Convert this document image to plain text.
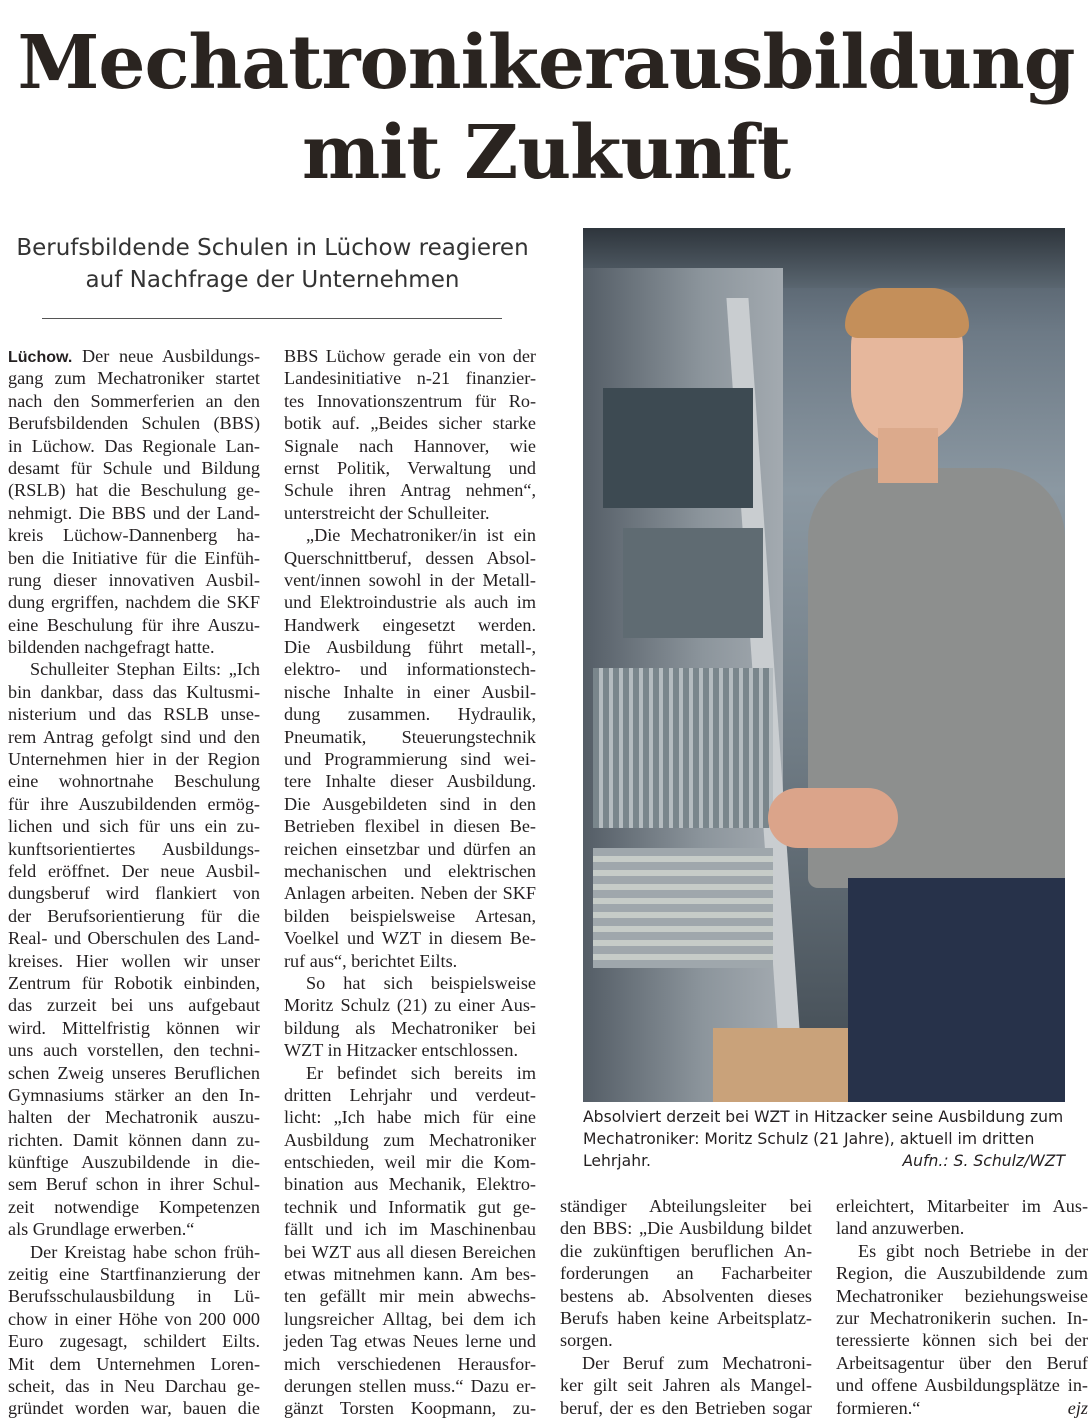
Mechatronikerausbildung
mit Zukunft
Berufsbildende Schulen in Lüchow reagieren
auf Nachfrage der Unternehmen
Lüchow. Der neue Ausbildungs-
gang zum Mechatroniker startet
nach den Sommerferien an den
Berufsbildenden Schulen (BBS)
in Lüchow. Das Regionale Lan-
desamt für Schule und Bildung
(RSLB) hat die Beschulung ge-
nehmigt. Die BBS und der Land-
kreis Lüchow-Dannenberg ha-
ben die Initiative für die Einfüh-
rung dieser innovativen Ausbil-
dung ergriffen, nachdem die SKF
eine Beschulung für ihre Auszu-
bildenden nachgefragt hatte.
Schulleiter Stephan Eilts: „Ich
bin dankbar, dass das Kultusmi-
nisterium und das RSLB unse-
rem Antrag gefolgt sind und den
Unternehmen hier in der Region
eine wohnortnahe Beschulung
für ihre Auszubildenden ermög-
lichen und sich für uns ein zu-
kunftsorientiertes Ausbildungs-
feld eröffnet. Der neue Ausbil-
dungsberuf wird flankiert von
der Berufsorientierung für die
Real- und Oberschulen des Land-
kreises. Hier wollen wir unser
Zentrum für Robotik einbinden,
das zurzeit bei uns aufgebaut
wird. Mittelfristig können wir
uns auch vorstellen, den techni-
schen Zweig unseres Beruflichen
Gymnasiums stärker an den In-
halten der Mechatronik auszu-
richten. Damit können dann zu-
künftige Auszubildende in die-
sem Beruf schon in ihrer Schul-
zeit notwendige Kompetenzen
als Grundlage erwerben.“
Der Kreistag habe schon früh-
zeitig eine Startfinanzierung der
Berufsschulausbildung in Lü-
chow in einer Höhe von 200 000
Euro zugesagt, schildert Eilts.
Mit dem Unternehmen Loren-
scheit, das in Neu Darchau ge-
gründet worden war, bauen die
BBS Lüchow gerade ein von der
Landesinitiative n-21 finanzier-
tes Innovationszentrum für Ro-
botik auf. „Beides sicher starke
Signale nach Hannover, wie
ernst Politik, Verwaltung und
Schule ihren Antrag nehmen“,
unterstreicht der Schulleiter.
„Die Mechatroniker/in ist ein
Querschnittberuf, dessen Absol-
vent/innen sowohl in der Metall-
und Elektroindustrie als auch im
Handwerk eingesetzt werden.
Die Ausbildung führt metall-,
elektro- und informationstech-
nische Inhalte in einer Ausbil-
dung zusammen. Hydraulik,
Pneumatik, Steuerungstechnik
und Programmierung sind wei-
tere Inhalte dieser Ausbildung.
Die Ausgebildeten sind in den
Betrieben flexibel in diesen Be-
reichen einsetzbar und dürfen an
mechanischen und elektrischen
Anlagen arbeiten. Neben der SKF
bilden beispielsweise Artesan,
Voelkel und WZT in diesem Be-
ruf aus“, berichtet Eilts.
So hat sich beispielsweise
Moritz Schulz (21) zu einer Aus-
bildung als Mechatroniker bei
WZT in Hitzacker entschlossen.
Er befindet sich bereits im
dritten Lehrjahr und verdeut-
licht: „Ich habe mich für eine
Ausbildung zum Mechatroniker
entschieden, weil mir die Kom-
bination aus Mechanik, Elektro-
technik und Informatik gut ge-
fällt und ich im Maschinenbau
bei WZT aus all diesen Bereichen
etwas mitnehmen kann. Am bes-
ten gefällt mir mein abwechs-
lungsreicher Alltag, bei dem ich
jeden Tag etwas Neues lerne und
mich verschiedenen Herausfor-
derungen stellen muss.“ Dazu er-
gänzt Torsten Koopmann, zu-
ständiger Abteilungsleiter bei
den BBS: „Die Ausbildung bildet
die zukünftigen beruflichen An-
forderungen an Facharbeiter
bestens ab. Absolventen dieses
Berufs haben keine Arbeitsplatz-
sorgen.
Der Beruf zum Mechatroni-
ker gilt seit Jahren als Mangel-
beruf, der es den Betrieben sogar
erleichtert, Mitarbeiter im Aus-
land anzuwerben.
Es gibt noch Betriebe in der
Region, die Auszubildende zum
Mechatroniker beziehungsweise
zur Mechatronikerin suchen. In-
teressierte können sich bei der
Arbeitsagentur über den Beruf
und offene Ausbildungsplätze in-
formieren.“	ejz
Absolviert derzeit bei WZT in Hitzacker seine Ausbildung zum
Mechatroniker: Moritz Schulz (21 Jahre), aktuell im dritten
Lehrjahr.	Aufn.: S. Schulz/WZT
